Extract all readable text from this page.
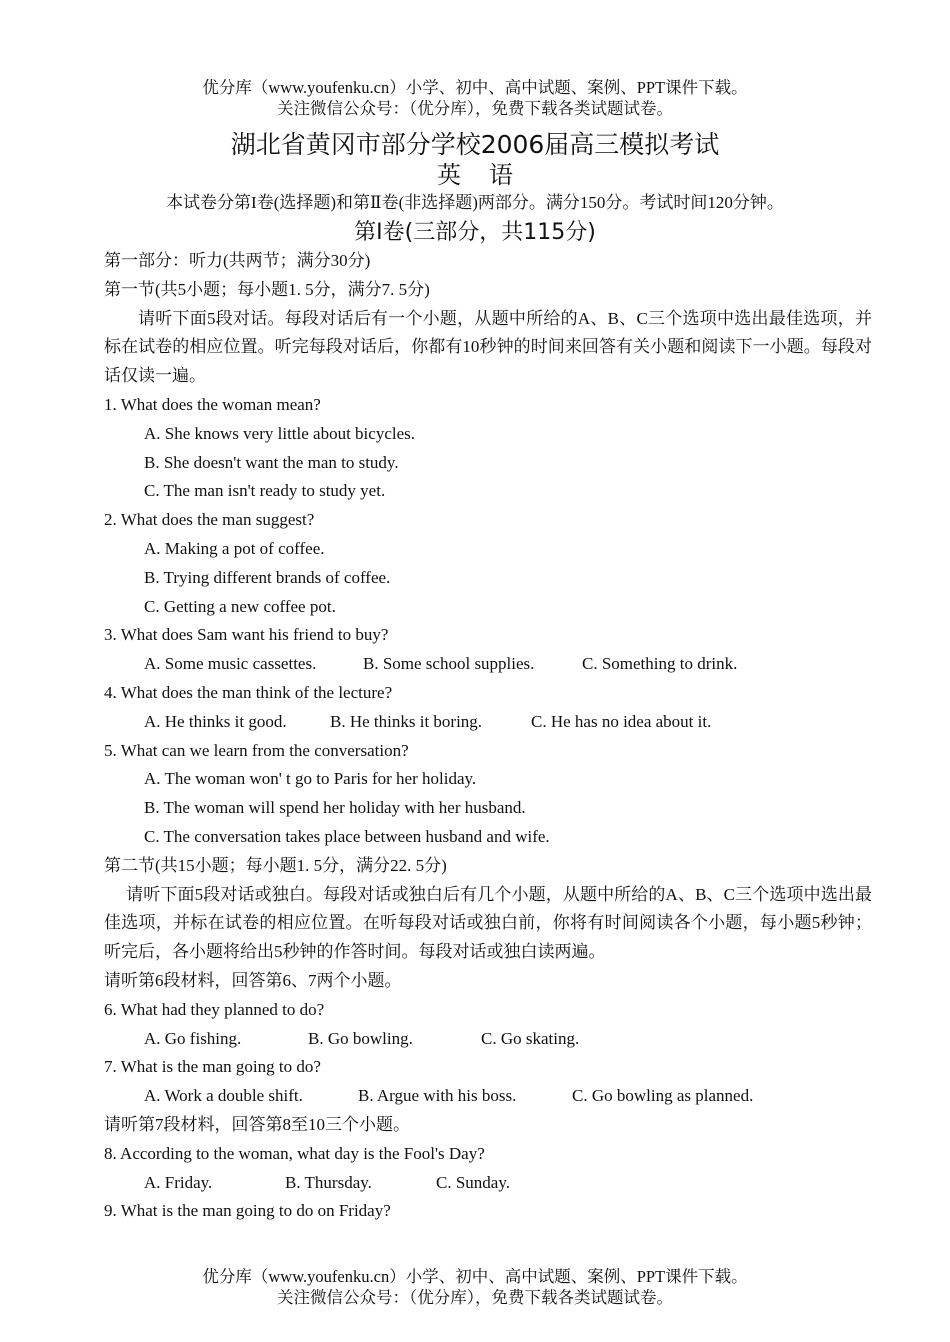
优分库（www.youfenku.cn）小学、初中、高中试题、案例、PPT课件下载。
关注微信公众号：（优分库），免费下载各类试题试卷。
湖北省黄冈市部分学校2006届高三模拟考试
英语
本试卷分第I卷(选择题)和第Ⅱ卷(非选择题)两部分。满分150分。考试时间120分钟。
第I卷(三部分，共115分)
第一部分：听力(共两节；满分30分)
第一节(共5小题；每小题1. 5分，满分7. 5分)
请听下面5段对话。每段对话后有一个小题，从题中所给的A、B、C三个选项中选出最佳选项，并标在试卷的相应位置。听完每段对话后，你都有10秒钟的时间来回答有关小题和阅读下一小题。每段对话仅读一遍。
1. What does the woman mean?
A. She knows very little about bicycles.
B. She doesn't want the man to study.
C. The man isn't ready to study yet.
2. What does the man suggest?
A. Making a pot of coffee.
B. Trying different brands of coffee.
C. Getting a new coffee pot.
3. What does Sam want his friend to buy?
A. Some music cassettes.	B. Some school supplies.	C. Something to drink.
4. What does the man think of the lecture?
A. He thinks it good.	B. He thinks it boring.	C. He has no idea about it.
5. What can we learn from the conversation?
A. The woman won' t go to Paris for her holiday.
B. The woman will spend her holiday with her husband.
C. The conversation takes place between husband and wife.
第二节(共15小题；每小题1. 5分，满分22. 5分)
请听下面5段对话或独白。每段对话或独白后有几个小题，从题中所给的A、B、C三个选项中选出最佳选项，并标在试卷的相应位置。在听每段对话或独白前，你将有时间阅读各个小题，每小题5秒钟；听完后，各小题将给出5秒钟的作答时间。每段对话或独白读两遍。
请听第6段材料，回答第6、7两个小题。
6. What had they planned to do?
A. Go fishing.	B. Go bowling.	C. Go skating.
7. What is the man going to do?
A. Work a double shift.	B. Argue with his boss.	C. Go bowling as planned.
请听第7段材料，回答第8至10三个小题。
8. According to the woman, what day is the Fool's Day?
A. Friday.	B. Thursday.	C. Sunday.
9. What is the man going to do on Friday?
优分库（www.youfenku.cn）小学、初中、高中试题、案例、PPT课件下载。
关注微信公众号：（优分库），免费下载各类试题试卷。
